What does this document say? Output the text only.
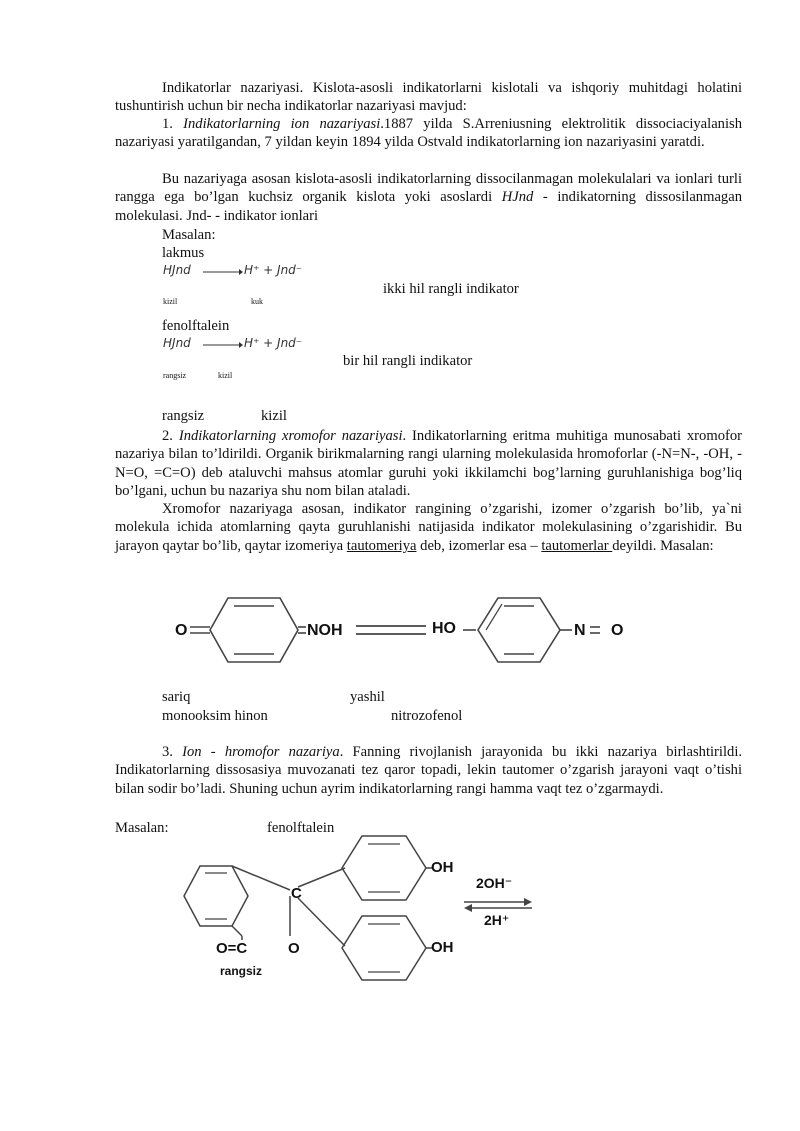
Indikatorlar nazariyasi. Kislota-asosli indikatorlarni kislotali va ishqoriy muhitdagi holatini tushuntirish uchun bir necha indikatorlar nazariyasi mavjud:

1. Indikatorlarning ion nazariyasi.1887 yilda S.Arreniusning elektrolitik dissociaciyalanish nazariyasi yaratilgandan, 7 yildan keyin 1894 yilda Ostvald indikatorlarning ion nazariyasini yaratdi.

Bu nazariyaga asosan kislota-asosli indikatorlarning dissocilanmagan molekulalari va ionlari turli rangga ega bo’lgan kuchsiz organik kislota yoki asoslardi HJnd - indikatorning dissosilanmagan molekulasi. Jnd- - indikator ionlari

Masalan:
lakmus
HJnd	H⁺ + Jnd⁻
kizil	kuk
ikki hil rangli indikator
fenolftalein
HJnd	H⁺ + Jnd⁻
rangsiz	kizil
bir hil rangli indikator
rangsiz	kizil

2. Indikatorlarning xromofor nazariyasi. Indikatorlarning eritma muhitiga munosabati xromofor nazariya bilan to’ldirildi. Organik birikmalarning rangi ularning molekulasida hromoforlar (-N=N-, -OH, -N=O, =C=O) deb ataluvchi mahsus atomlar guruhi yoki ikkilamchi bog’larning guruhlanishiga bog’liq bo’lgani, uchun bu nazariya shu nom bilan ataladi.

Xromofor nazariyaga asosan, indikator rangining o’zgarishi, izomer o’zgarish bo’lib, ya`ni molekula ichida atomlarning qayta guruhlanishi natijasida indikator molekulasining o’zgarishidir. Bu jarayon qaytar bo’lib, qaytar izomeriya tautomeriya deb, izomerlar esa – tautomerlar deyildi. Masalan:

O	NOH	HO	N O
sariq	yashil
monooksim hinon	nitrozofenol

3. Ion - hromofor nazariya. Fanning rivojlanish jarayonida bu ikki nazariya birlashtirildi. Indikatorlarning dissosasiya muvozanati tez qaror topadi, lekin tautomer o’zgarish jarayoni vaqt o’tishi bilan sodir bo’ladi. Shuning uchun ayrim indikatorlarning rangi hamma vaqt tez o’zgarmaydi.

Masalan:	fenolftalein
OH
OH
C
O
O=C
rangsiz
2OH⁻
2H⁺
